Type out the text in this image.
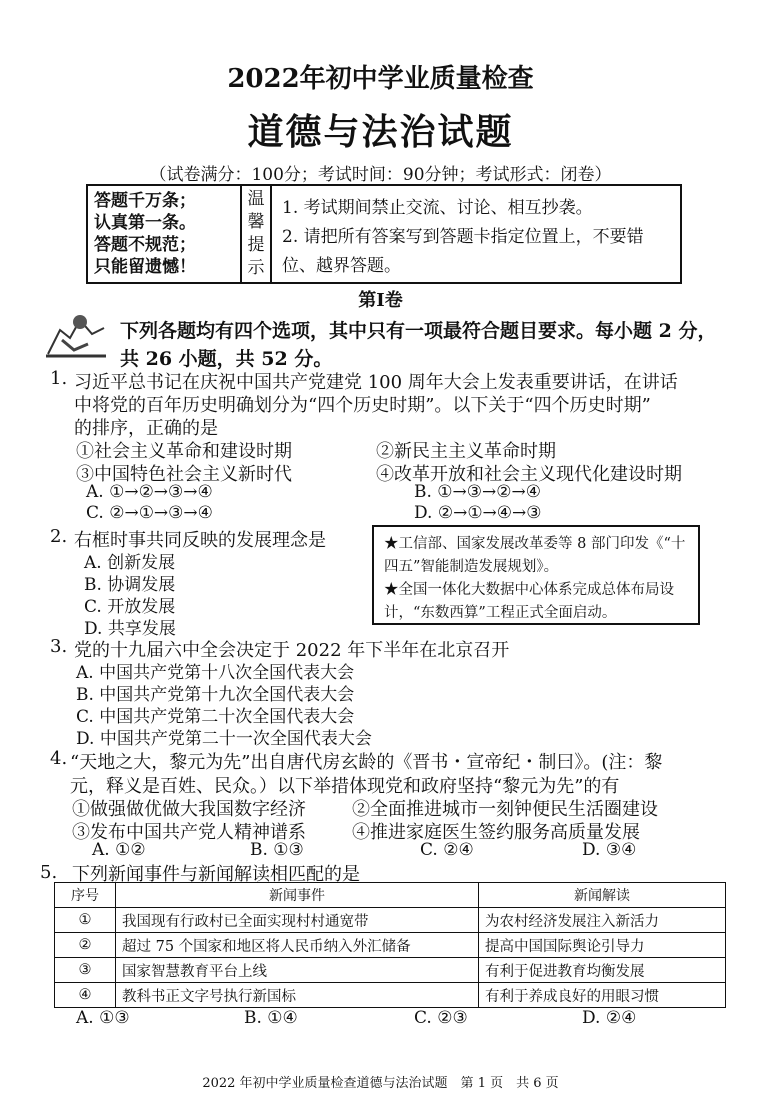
2022年初中学业质量检查
道德与法治试题
（试卷满分：100分；考试时间：90分钟；考试形式：闭卷）
答题千万条；
认真第一条。
答题不规范；
只能留遗憾！
温
馨
提
示
1. 考试期间禁止交流、讨论、相互抄袭。
2. 请把所有答案写到答题卡指定位置上，不要错位、越界答题。
第Ⅰ卷
下列各题均有四个选项，其中只有一项最符合题目要求。每小题 2 分，
共 26 小题，共 52 分。
1. 习近平总书记在庆祝中国共产党建党 100 周年大会上发表重要讲话，在讲话
中将党的百年历史明确划分为“四个历史时期”。以下关于“四个历史时期”
的排序，正确的是
①社会主义革命和建设时期	②新民主主义革命时期
③中国特色社会主义新时代	④改革开放和社会主义现代化建设时期
A. ①→②→③→④	B. ①→③→②→④
C. ②→①→③→④	D. ②→①→④→③
2. 右框时事共同反映的发展理念是
A. 创新发展
B. 协调发展
C. 开放发展
D. 共享发展
★工信部、国家发展改革委等 8 部门印发《“十四五”智能制造发展规划》。
★全国一体化大数据中心体系完成总体布局设计，“东数西算”工程正式全面启动。
3. 党的十九届六中全会决定于 2022 年下半年在北京召开
A. 中国共产党第十八次全国代表大会
B. 中国共产党第十九次全国代表大会
C. 中国共产党第二十次全国代表大会
D. 中国共产党第二十一次全国代表大会
4. “天地之大，黎元为先”出自唐代房玄龄的《晋书・宣帝纪・制曰》。(注：黎
元，释义是百姓、民众。）以下举措体现党和政府坚持“黎元为先”的有
①做强做优做大我国数字经济	②全面推进城市一刻钟便民生活圈建设
③发布中国共产党人精神谱系	④推进家庭医生签约服务高质量发展
A. ①②	B. ①③	C. ②④	D. ③④
5. 下列新闻事件与新闻解读相匹配的是
序号	新闻事件	新闻解读
①	我国现有行政村已全面实现村村通宽带	为农村经济发展注入新活力
②	超过 75 个国家和地区将人民币纳入外汇储备	提高中国国际舆论引导力
③	国家智慧教育平台上线	有利于促进教育均衡发展
④	教科书正文字号执行新国标	有利于养成良好的用眼习惯
A. ①③	B. ①④	C. ②③	D. ②④
2022 年初中学业质量检查道德与法治试题　第 1 页　共 6 页
